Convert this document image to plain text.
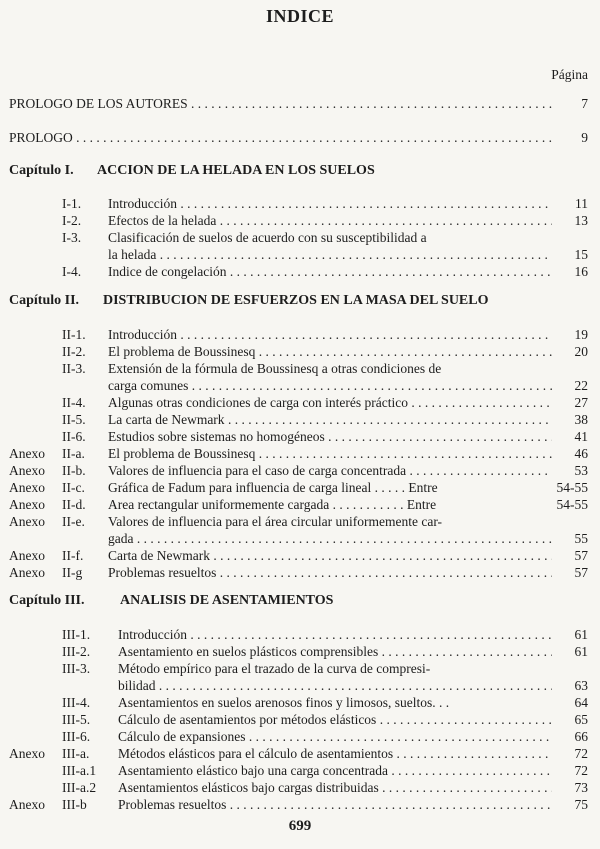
INDICE
Página
PROLOGO DE LOS AUTORES . . .	7
PROLOGO . . .	9
Capítulo I. ACCION DE LA HELADA EN LOS SUELOS
I-1. Introducción . . .	11
I-2. Efectos de la helada . . .	13
I-3. Clasificación de suelos de acuerdo con su susceptibilidad a
la helada . . .	15
I-4. Indice de congelación . . .	16
Capítulo II. DISTRIBUCION DE ESFUERZOS EN LA MASA DEL SUELO
II-1. Introducción . . .	19
II-2. El problema de Boussinesq . . .	20
II-3. Extensión de la fórmula de Boussinesq a otras condiciones de
carga comunes . . .	22
II-4. Algunas otras condiciones de carga con interés práctico . . .	27
II-5. La carta de Newmark . . .	38
II-6. Estudios sobre sistemas no homogéneos . . .	41
Anexo II-a. El problema de Boussinesq . . .	46
Anexo II-b. Valores de influencia para el caso de carga concentrada . . .	53
Anexo II-c. Gráfica de Fadum para influencia de carga lineal . . . . . Entre	54-55
Anexo II-d. Area rectangular uniformemente cargada . . . . . . . . . . . Entre	54-55
Anexo II-e. Valores de influencia para el área circular uniformemente car-
gada . . .	55
Anexo II-f. Carta de Newmark . . .	57
Anexo II-g Problemas resueltos . . .	57
Capítulo III.	ANALISIS DE ASENTAMIENTOS
III-1. Introducción . . .	61
III-2. Asentamiento en suelos plásticos comprensibles . . .	61
III-3. Método empírico para el trazado de la curva de compresi-
bilidad . . .	63
III-4. Asentamientos en suelos arenosos finos y limosos, sueltos. . .	64
III-5. Cálculo de asentamientos por métodos elásticos . . .	65
III-6. Cálculo de expansiones . . .	66
Anexo III-a. Métodos elásticos para el cálculo de asentamientos . . .	72
III-a.1 Asentamiento elástico bajo una carga concentrada . . .	72
III-a.2 Asentamientos elásticos bajo cargas distribuidas . . .	73
Anexo III-b Problemas resueltos . . .	75
699
